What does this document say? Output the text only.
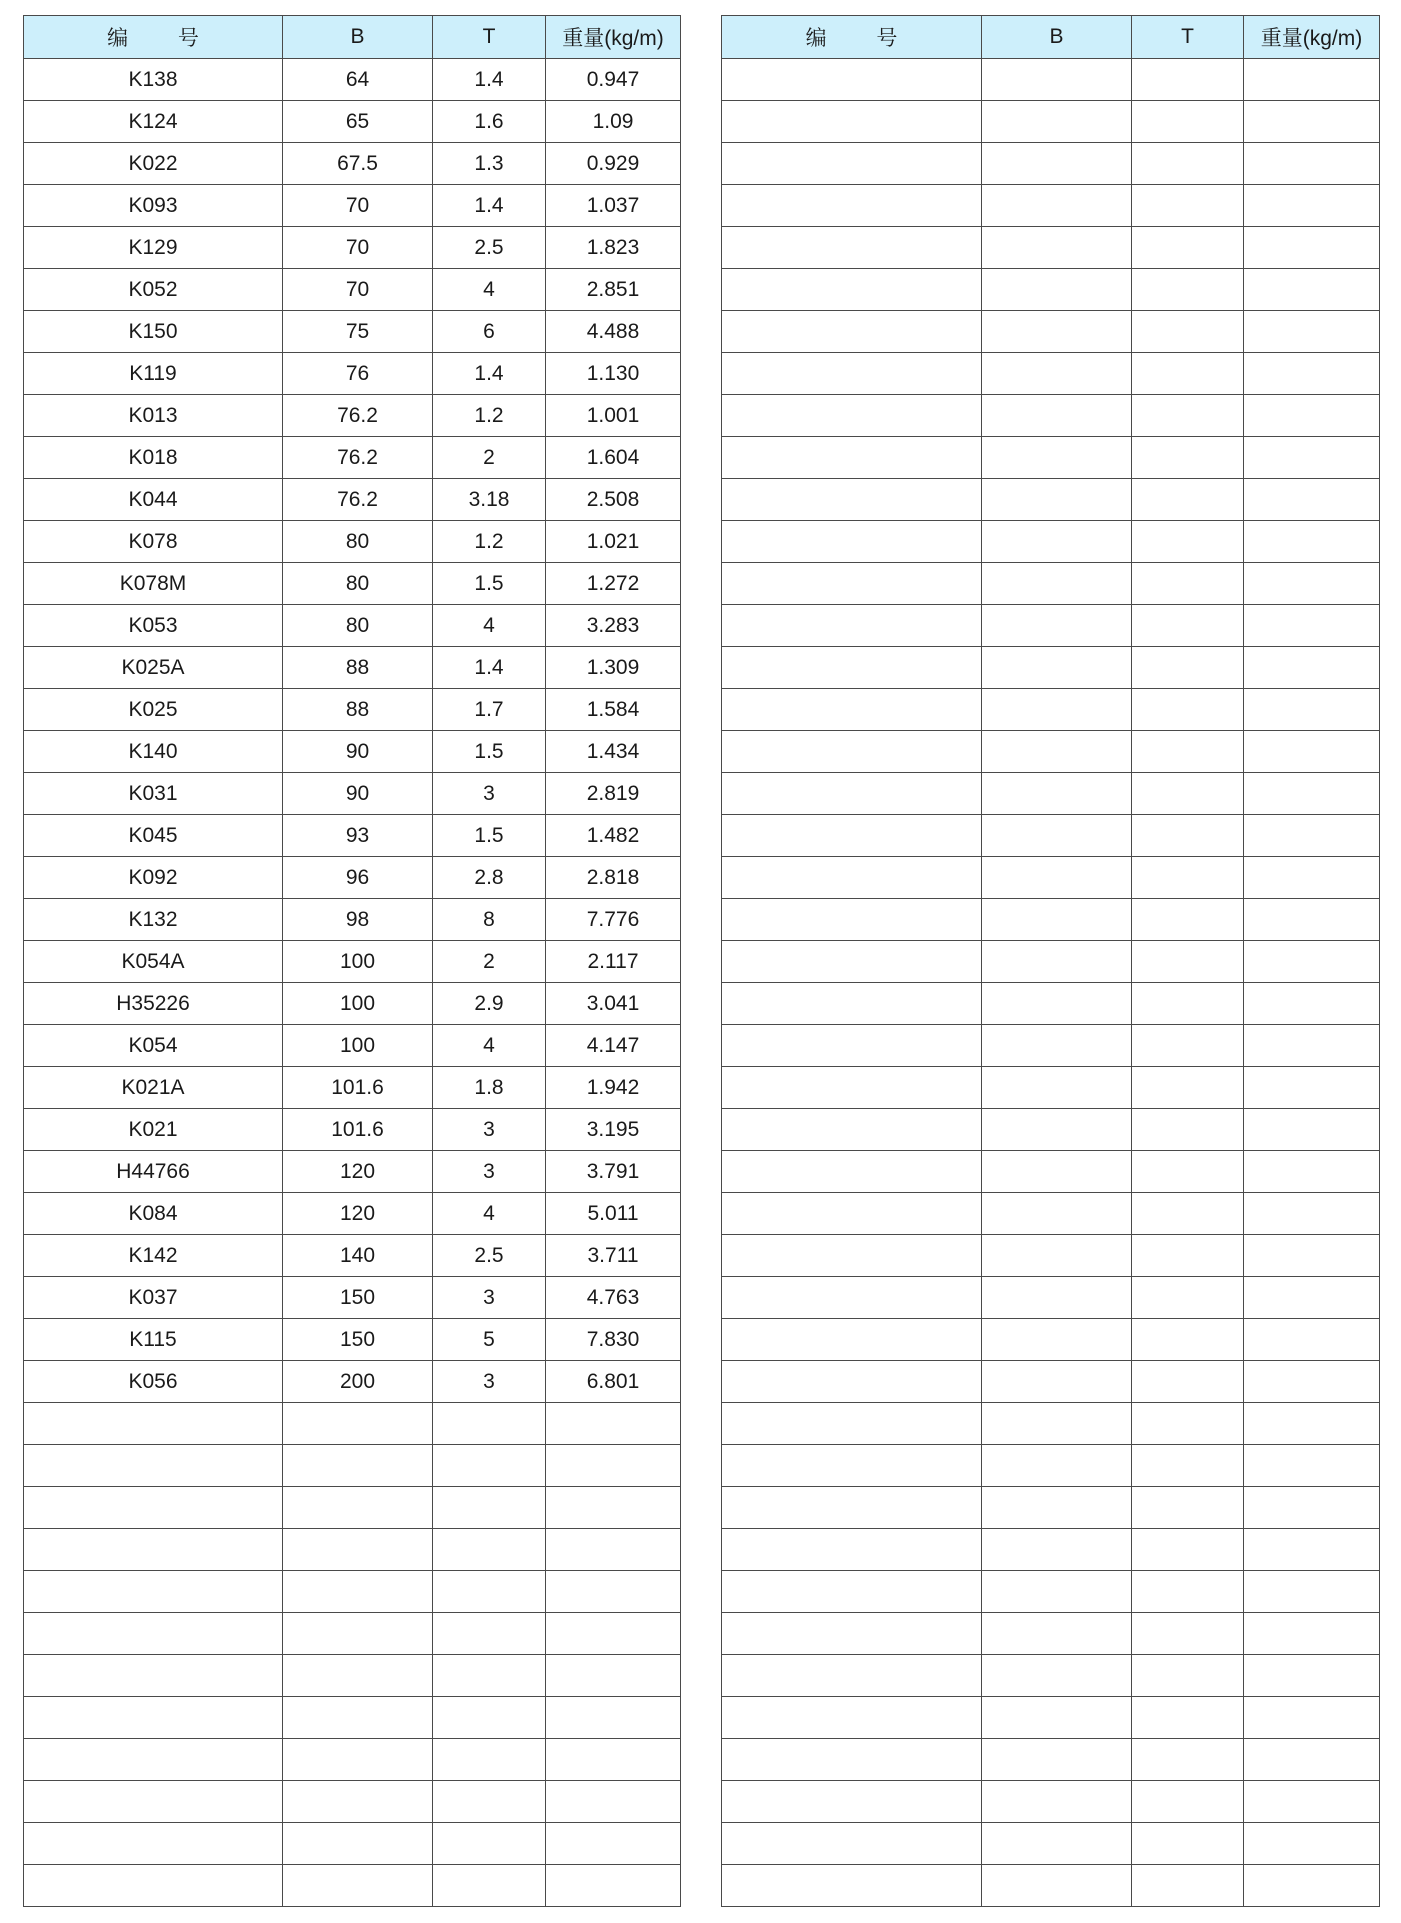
编 号	B	T	重量(kg/m)
K138	64	1.4	0.947
K124	65	1.6	1.09
K022	67.5	1.3	0.929
K093	70	1.4	1.037
K129	70	2.5	1.823
K052	70	4	2.851
K150	75	6	4.488
K119	76	1.4	1.130
K013	76.2	1.2	1.001
K018	76.2	2	1.604
K044	76.2	3.18	2.508
K078	80	1.2	1.021
K078M	80	1.5	1.272
K053	80	4	3.283
K025A	88	1.4	1.309
K025	88	1.7	1.584
K140	90	1.5	1.434
K031	90	3	2.819
K045	93	1.5	1.482
K092	96	2.8	2.818
K132	98	8	7.776
K054A	100	2	2.117
H35226	100	2.9	3.041
K054	100	4	4.147
K021A	101.6	1.8	1.942
K021	101.6	3	3.195
H44766	120	3	3.791
K084	120	4	5.011
K142	140	2.5	3.711
K037	150	3	4.763
K115	150	5	7.830
K056	200	3	6.801

编 号	B	T	重量(kg/m)
